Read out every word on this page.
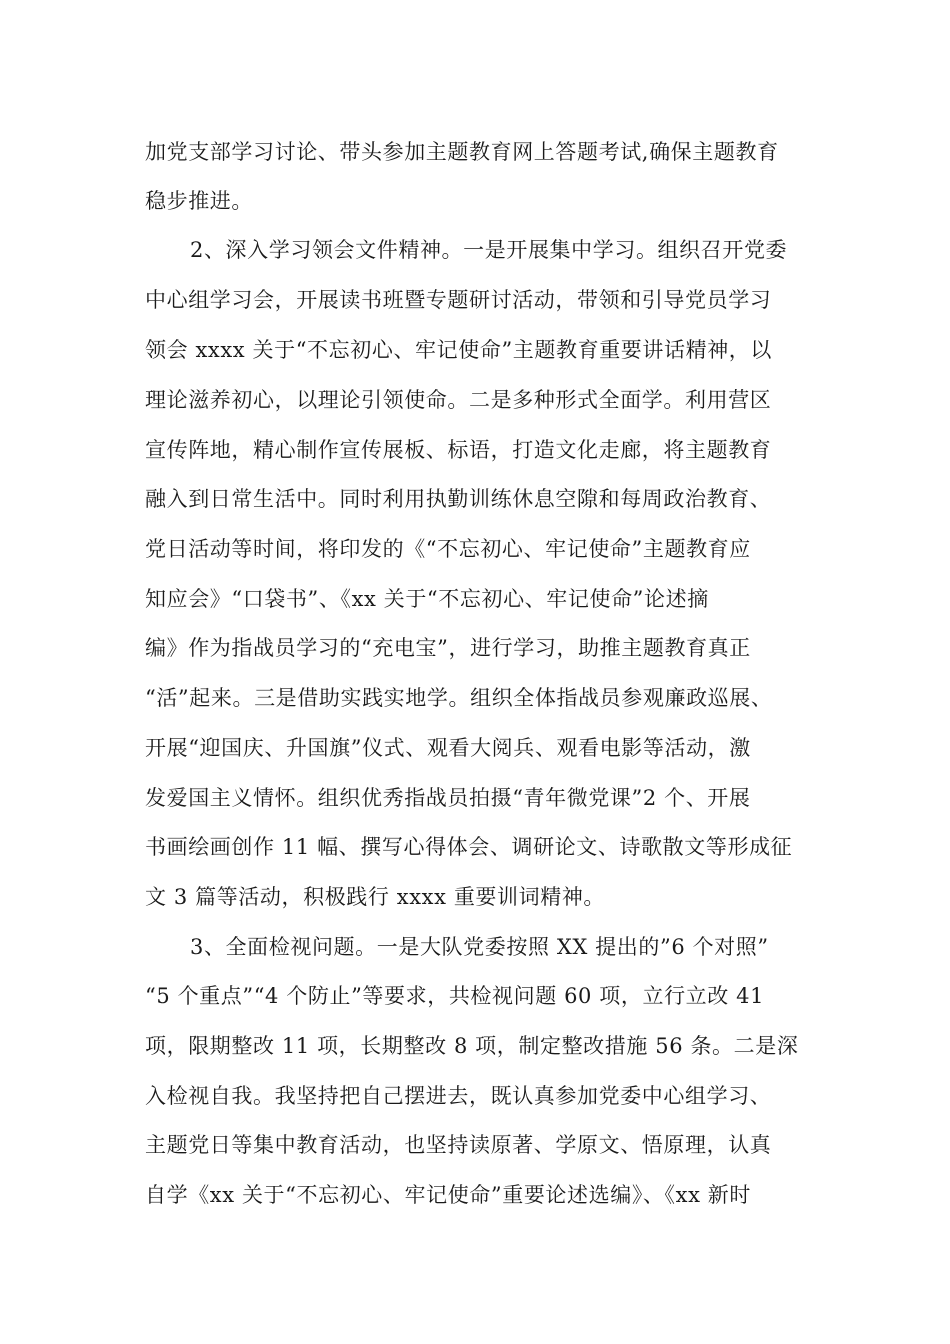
加党支部学习讨论、带头参加主题教育网上答题考试,确保主题教育
稳步推进。
2、深入学习领会文件精神。一是开展集中学习。组织召开党委
中心组学习会，开展读书班暨专题研讨活动，带领和引导党员学习
领会 xxxx 关于“不忘初心、牢记使命”主题教育重要讲话精神，以
理论滋养初心，以理论引领使命。二是多种形式全面学。利用营区
宣传阵地，精心制作宣传展板、标语，打造文化走廊，将主题教育
融入到日常生活中。同时利用执勤训练休息空隙和每周政治教育、
党日活动等时间，将印发的《“不忘初心、牢记使命”主题教育应
知应会》“口袋书”、《xx 关于“不忘初心、牢记使命”论述摘
编》作为指战员学习的“充电宝”，进行学习，助推主题教育真正
“活”起来。三是借助实践实地学。组织全体指战员参观廉政巡展、
开展“迎国庆、升国旗”仪式、观看大阅兵、观看电影等活动，激
发爱国主义情怀。组织优秀指战员拍摄“青年微党课”2 个、开展
书画绘画创作 11 幅、撰写心得体会、调研论文、诗歌散文等形成征
文 3 篇等活动，积极践行 xxxx 重要训词精神。
3、全面检视问题。一是大队党委按照 XX 提出的”6 个对照”
“5 个重点”“4 个防止”等要求，共检视问题 60 项，立行立改 41
项，限期整改 11 项，长期整改 8 项，制定整改措施 56 条。二是深
入检视自我。我坚持把自己摆进去，既认真参加党委中心组学习、
主题党日等集中教育活动，也坚持读原著、学原文、悟原理，认真
自学《xx 关于“不忘初心、牢记使命”重要论述选编》、《xx 新时
